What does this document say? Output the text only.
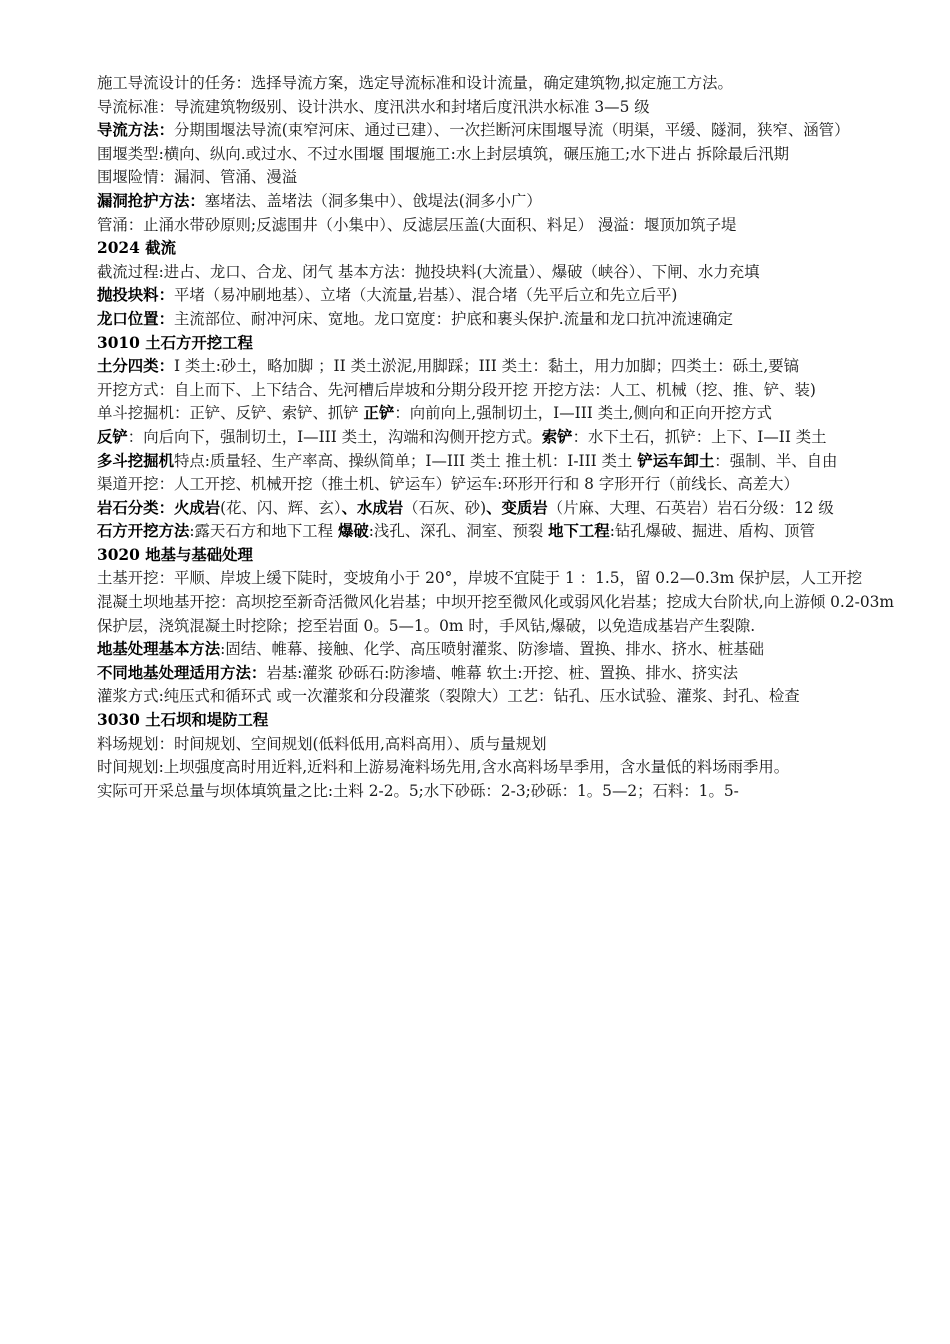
施工导流设计的任务：选择导流方案，选定导流标准和设计流量，确定建筑物,拟定施工方法。

导流标准：导流建筑物级别、设计洪水、度汛洪水和封堵后度汛洪水标准 3—5 级

导流方法：分期围堰法导流(束窄河床、通过已建）、一次拦断河床围堰导流（明渠，平缓、隧洞，狭窄、涵管）

围堰类型:横向、纵向.或过水、不过水围堰 围堰施工:水上封层填筑，碾压施工;水下进占 拆除最后汛期

围堰险情：漏洞、管涌、漫溢

漏洞抢护方法：塞堵法、盖堵法（洞多集中）、戗堤法(洞多小广）

管涌：止涌水带砂原则;反滤围井（小集中）、反滤层压盖(大面积、料足） 漫溢：堰顶加筑子堤

2024 截流

截流过程:进占、龙口、合龙、闭气 基本方法：抛投块料(大流量）、爆破（峡谷）、下闸、水力充填

抛投块料：平堵（易冲刷地基）、立堵（大流量,岩基）、混合堵（先平后立和先立后平)

龙口位置：主流部位、耐冲河床、宽地。龙口宽度：护底和裹头保护.流量和龙口抗冲流速确定

3010 土石方开挖工程

土分四类：I 类土:砂土，略加脚 ；II 类土淤泥,用脚踩；III 类土：黏土，用力加脚；四类土：砾土,要镐

开挖方式：自上而下、上下结合、先河槽后岸坡和分期分段开挖 开挖方法：人工、机械（挖、推、铲、装)

单斗挖掘机：正铲、反铲、索铲、抓铲 正铲：向前向上,强制切土，I—III 类土,侧向和正向开挖方式

反铲：向后向下，强制切土，I—III 类土，沟端和沟侧开挖方式。索铲：水下土石，抓铲：上下、I—II 类土

多斗挖掘机特点:质量轻、生产率高、操纵简单；I—III 类土 推土机：I-III 类土 铲运车卸土：强制、半、自由

渠道开挖：人工开挖、机械开挖（推土机、铲运车）铲运车:环形开行和 8 字形开行（前线长、高差大）

岩石分类：火成岩(花、闪、辉、玄）、水成岩（石灰、砂)、变质岩（片麻、大理、石英岩）岩石分级：12 级

石方开挖方法:露天石方和地下工程 爆破:浅孔、深孔、洞室、预裂 地下工程:钻孔爆破、掘进、盾构、顶管

3020 地基与基础处理

土基开挖：平顺、岸坡上缓下陡时，变坡角小于 20°，岸坡不宜陡于 1 ：1.5，留 0.2—0.3m 保护层，人工开挖

混凝土坝地基开挖：高坝挖至新奇活微风化岩基；中坝开挖至微风化或弱风化岩基；挖成大台阶状,向上游倾 0.2-03m 保护层，浇筑混凝土时挖除；挖至岩面 0。5—1。0m 时，手风钻,爆破，以免造成基岩产生裂隙.

地基处理基本方法:固结、帷幕、接触、化学、高压喷射灌浆、防渗墙、置换、排水、挤水、桩基础

不同地基处理适用方法：岩基:灌浆 砂砾石:防渗墙、帷幕 软土:开挖、桩、置换、排水、挤实法

灌浆方式:纯压式和循环式 或一次灌浆和分段灌浆（裂隙大）工艺：钻孔、压水试验、灌浆、封孔、检查

3030 土石坝和堤防工程

料场规划：时间规划、空间规划(低料低用,高料高用）、质与量规划

时间规划:上坝强度高时用近料,近料和上游易淹料场先用,含水高料场旱季用，含水量低的料场雨季用。

实际可开采总量与坝体填筑量之比:土料 2-2。5;水下砂砾：2-3;砂砾：1。5—2；石料：1。5-
